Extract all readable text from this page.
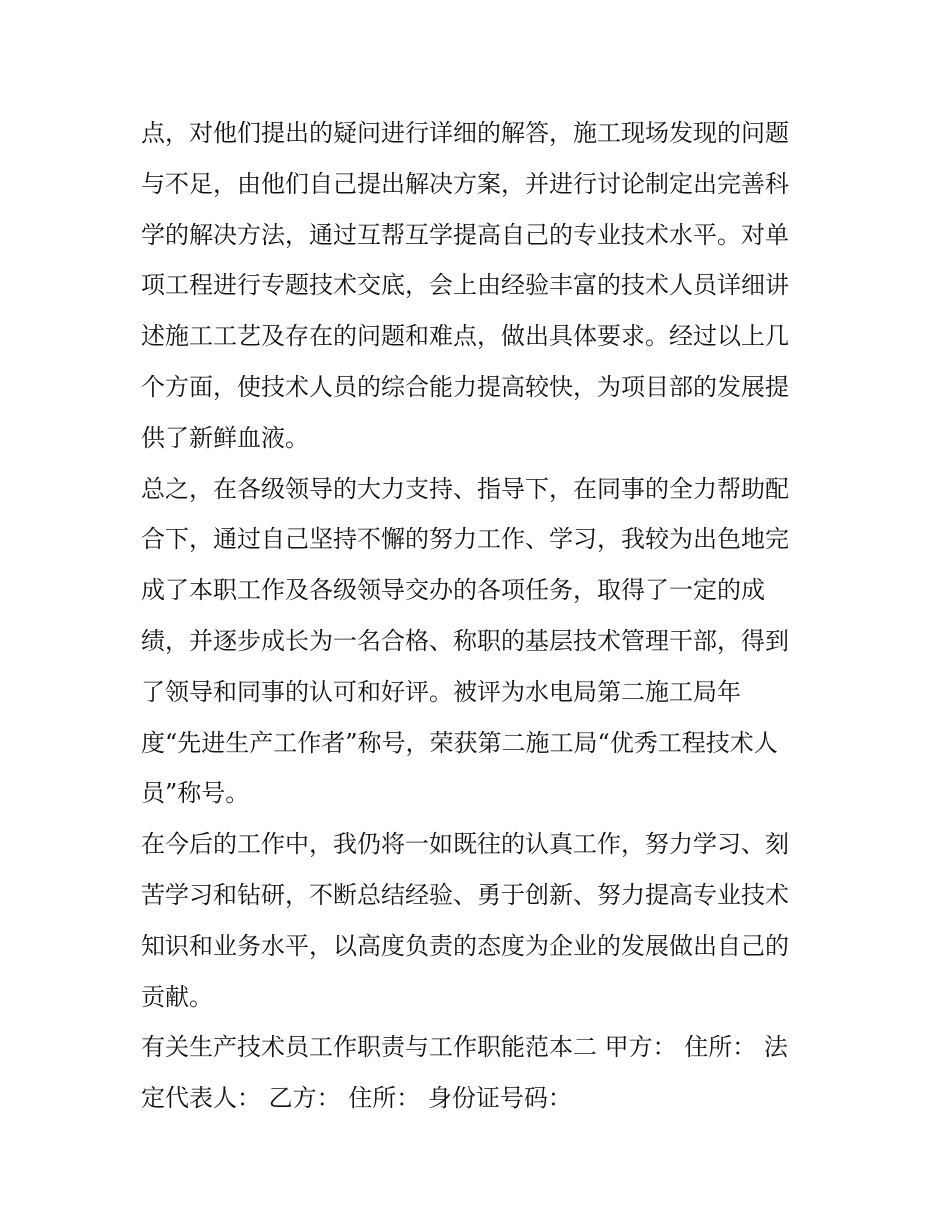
点，对他们提出的疑问进行详细的解答，施工现场发现的问题
与不足，由他们自己提出解决方案，并进行讨论制定出完善科
学的解决方法，通过互帮互学提高自己的专业技术水平。对单
项工程进行专题技术交底，会上由经验丰富的技术人员详细讲
述施工工艺及存在的问题和难点，做出具体要求。经过以上几
个方面，使技术人员的综合能力提高较快，为项目部的发展提
供了新鲜血液。

总之，在各级领导的大力支持、指导下，在同事的全力帮助配
合下，通过自己坚持不懈的努力工作、学习，我较为出色地完
成了本职工作及各级领导交办的各项任务，取得了一定的成
绩，并逐步成长为一名合格、称职的基层技术管理干部，得到
了领导和同事的认可和好评。被评为水电局第二施工局年
度“先进生产工作者”称号，荣获第二施工局“优秀工程技术人
员”称号。

在今后的工作中，我仍将一如既往的认真工作，努力学习、刻
苦学习和钻研，不断总结经验、勇于创新、努力提高专业技术
知识和业务水平，以高度负责的态度为企业的发展做出自己的
贡献。

有关生产技术员工作职责与工作职能范本二 甲方： 住所： 法
定代表人： 乙方： 住所： 身份证号码：
